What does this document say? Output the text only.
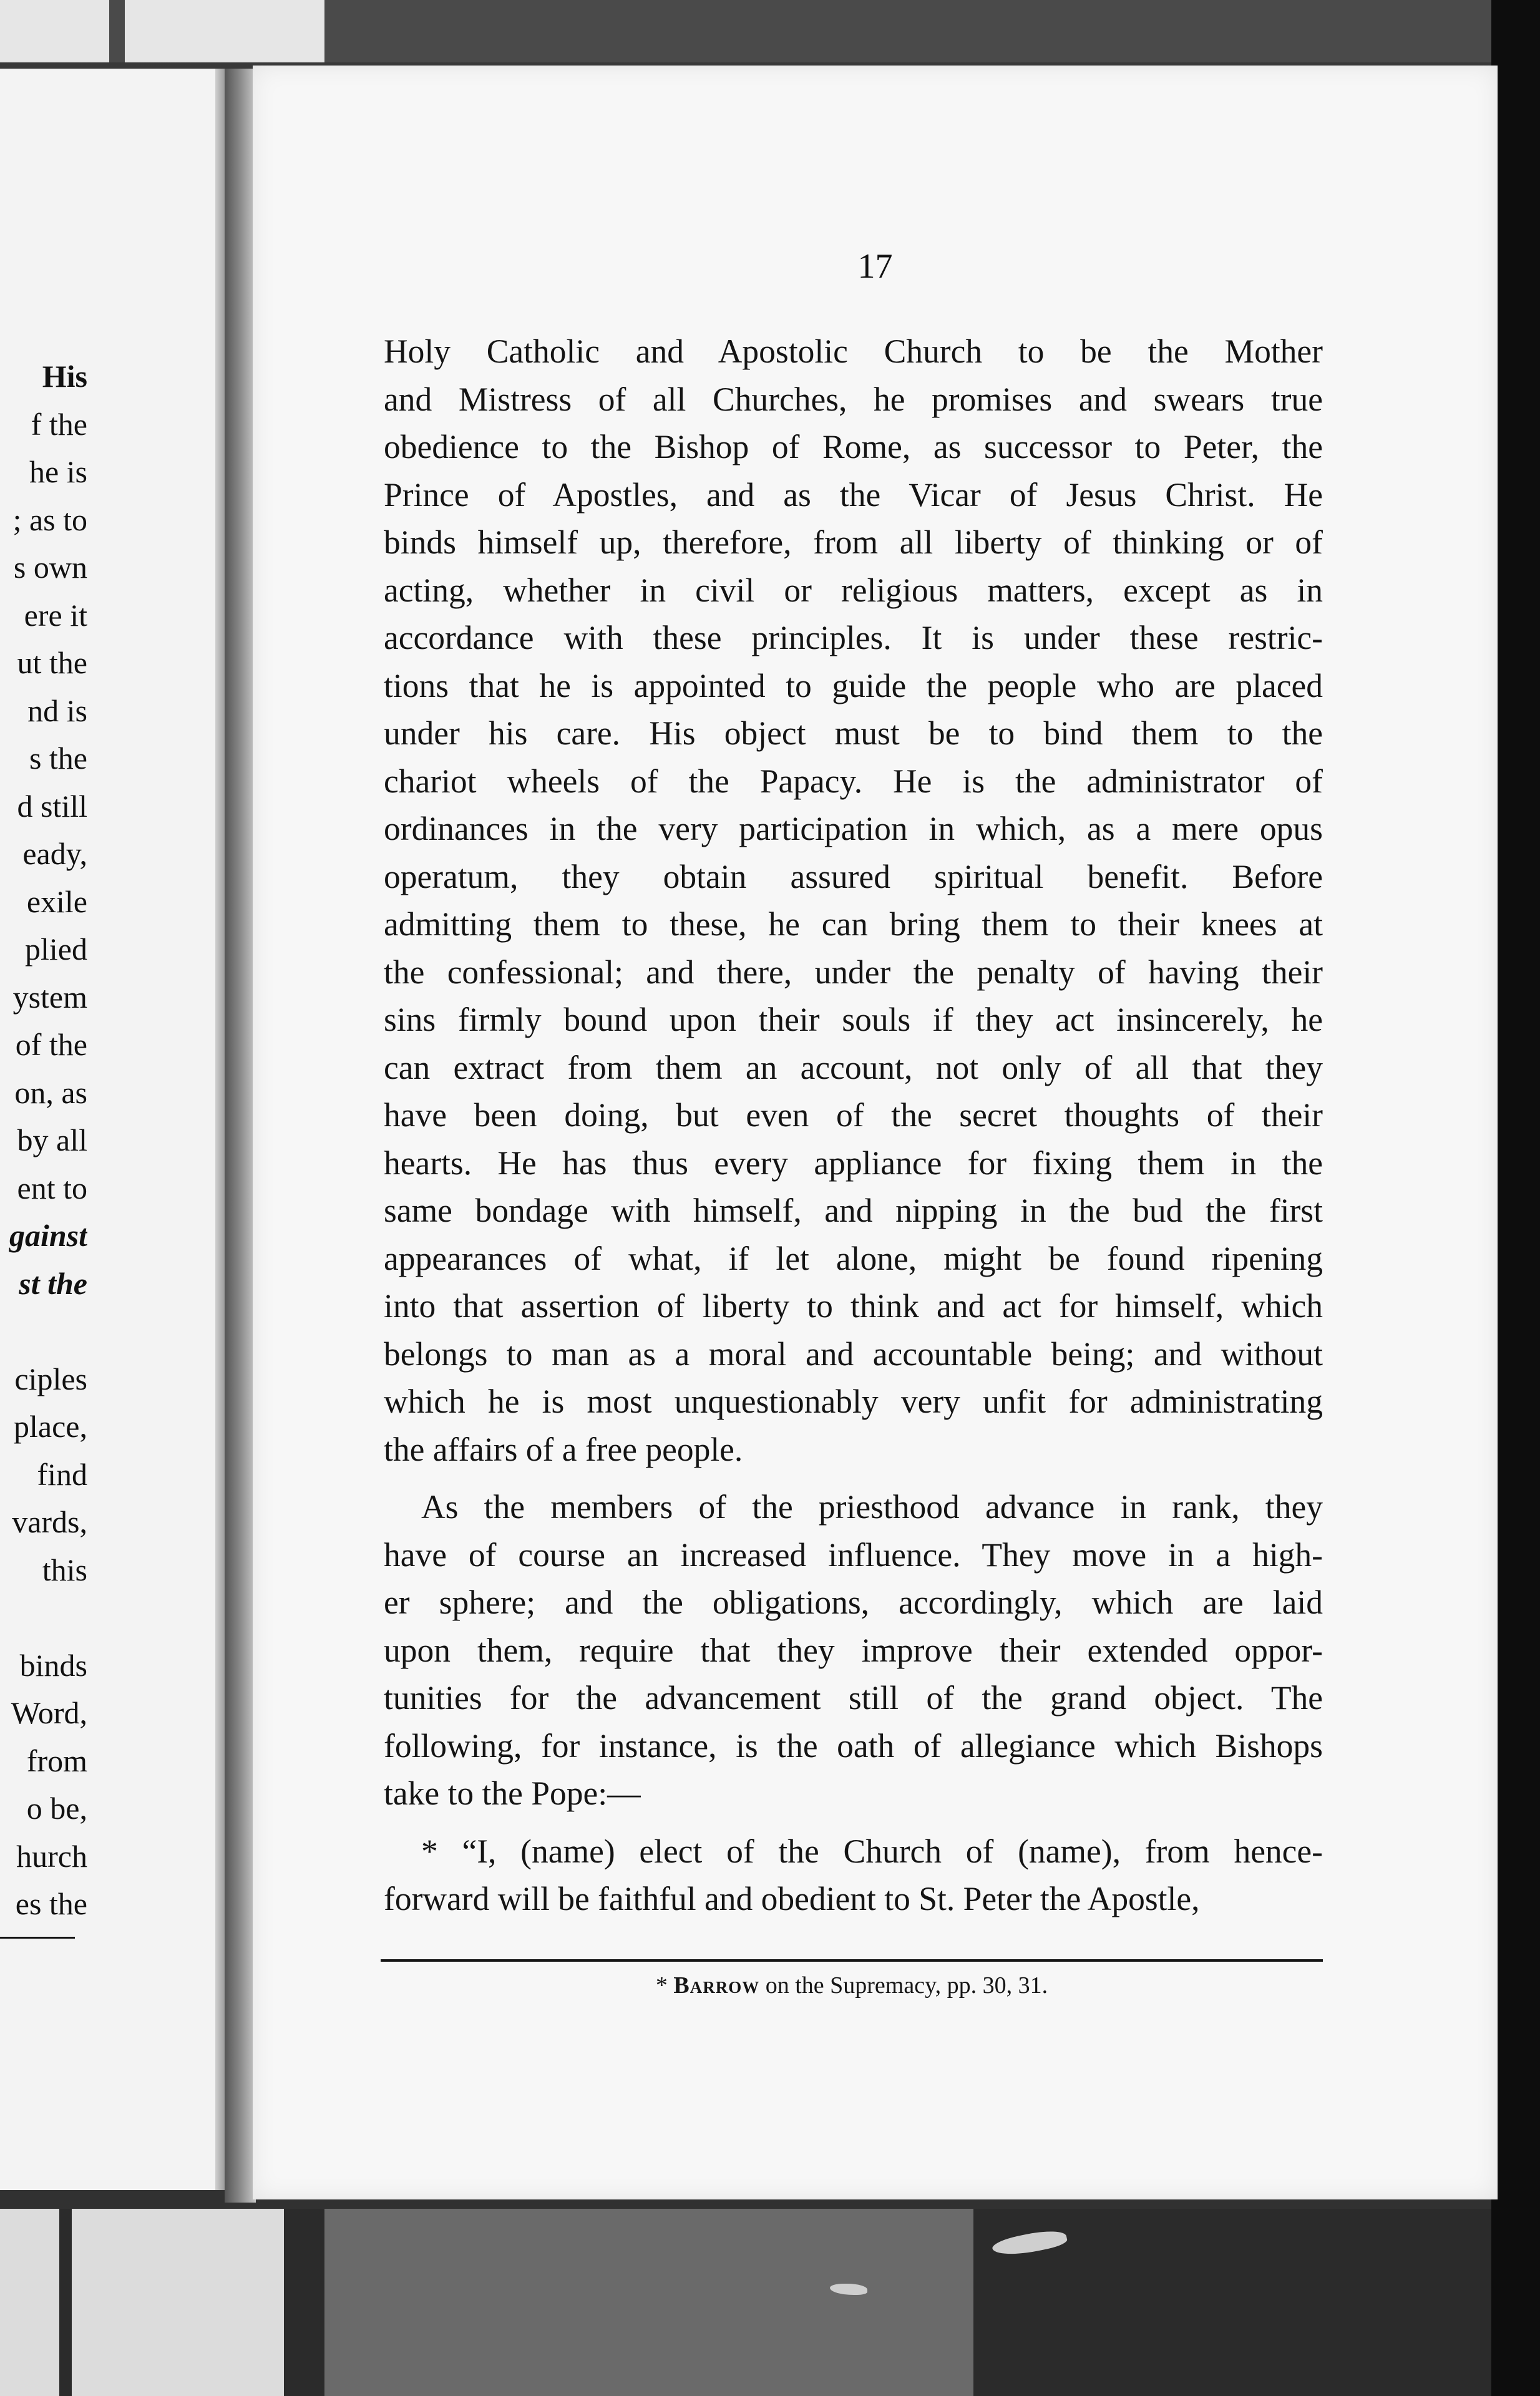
His
f the
he is
; as to
s own
ere it
ut the
nd is
s the
d still
eady,
exile
plied
ystem
of the
on, as
by all
ent to
gainst
st the
ciples
place,
find
vards,
this
binds
Word,
from
o be,
hurch
es the
17
Holy Catholic and Apostolic Church to be the Mother
and Mistress of all Churches, he promises and swears true
obedience to the Bishop of Rome, as successor to Peter, the
Prince of Apostles, and as the Vicar of Jesus Christ. He
binds himself up, therefore, from all liberty of thinking or of
acting, whether in civil or religious matters, except as in
accordance with these principles. It is under these restric-
tions that he is appointed to guide the people who are placed
under his care. His object must be to bind them to the
chariot wheels of the Papacy. He is the administrator of
ordinances in the very participation in which, as a mere opus
operatum, they obtain assured spiritual benefit. Before
admitting them to these, he can bring them to their knees at
the confessional; and there, under the penalty of having their
sins firmly bound upon their souls if they act insincerely, he
can extract from them an account, not only of all that they
have been doing, but even of the secret thoughts of their
hearts. He has thus every appliance for fixing them in the
same bondage with himself, and nipping in the bud the first
appearances of what, if let alone, might be found ripening
into that assertion of liberty to think and act for himself, which
belongs to man as a moral and accountable being; and without
which he is most unquestionably very unfit for administrating
the affairs of a free people.
As the members of the priesthood advance in rank, they
have of course an increased influence. They move in a high-
er sphere; and the obligations, accordingly, which are laid
upon them, require that they improve their extended oppor-
tunities for the advancement still of the grand object. The
following, for instance, is the oath of allegiance which Bishops
take to the Pope:—
* “I, (name) elect of the Church of (name), from hence-
forward will be faithful and obedient to St. Peter the Apostle,
* Barrow on the Supremacy, pp. 30, 31.
